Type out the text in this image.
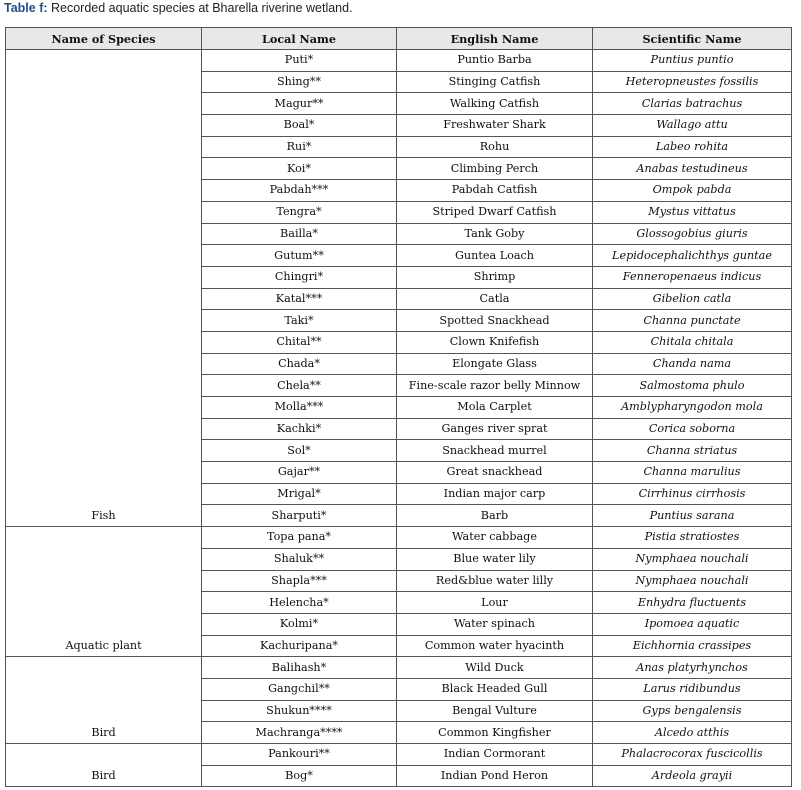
Table f: Recorded aquatic species at Bharella riverine wetland.
Name of Species	Local Name	English Name	Scientific Name
Fish	Puti*	Puntio Barba	Puntius puntio
	Shing**	Stinging Catfish	Heteropneustes fossilis
	Magur**	Walking Catfish	Clarias batrachus
	Boal*	Freshwater Shark	Wallago attu
	Rui*	Rohu	Labeo rohita
	Koi*	Climbing Perch	Anabas testudineus
	Pabdah***	Pabdah Catfish	Ompok pabda
	Tengra*	Striped Dwarf Catfish	Mystus vittatus
	Bailla*	Tank Goby	Glossogobius giuris
	Gutum**	Guntea Loach	Lepidocephalichthys guntae
	Chingri*	Shrimp	Fenneropenaeus indicus
	Katal***	Catla	Gibelion catla
	Taki*	Spotted Snackhead	Channa punctate
	Chital**	Clown Knifefish	Chitala chitala
	Chada*	Elongate Glass	Chanda nama
	Chela**	Fine-scale razor belly Minnow	Salmostoma phulo
	Molla***	Mola Carplet	Amblypharyngodon mola
	Kachki*	Ganges river sprat	Corica soborna
	Sol*	Snackhead murrel	Channa striatus
	Gajar**	Great snackhead	Channa marulius
	Mrigal*	Indian major carp	Cirrhinus cirrhosis
	Sharputi*	Barb	Puntius sarana
Aquatic plant	Topa pana*	Water cabbage	Pistia stratiostes
	Shaluk**	Blue water lily	Nymphaea nouchali
	Shapla***	Red&blue water lilly	Nymphaea nouchali
	Helencha*	Lour	Enhydra fluctuents
	Kolmi*	Water spinach	Ipomoea aquatic
	Kachuripana*	Common water hyacinth	Eichhornia crassipes
Bird	Balihash*	Wild Duck	Anas platyrhynchos
	Gangchil**	Black Headed Gull	Larus ridibundus
	Shukun****	Bengal Vulture	Gyps bengalensis
	Machranga****	Common Kingfisher	Alcedo atthis
Bird	Pankouri**	Indian Cormorant	Phalacrocorax fuscicollis
	Bog*	Indian Pond Heron	Ardeola grayii
